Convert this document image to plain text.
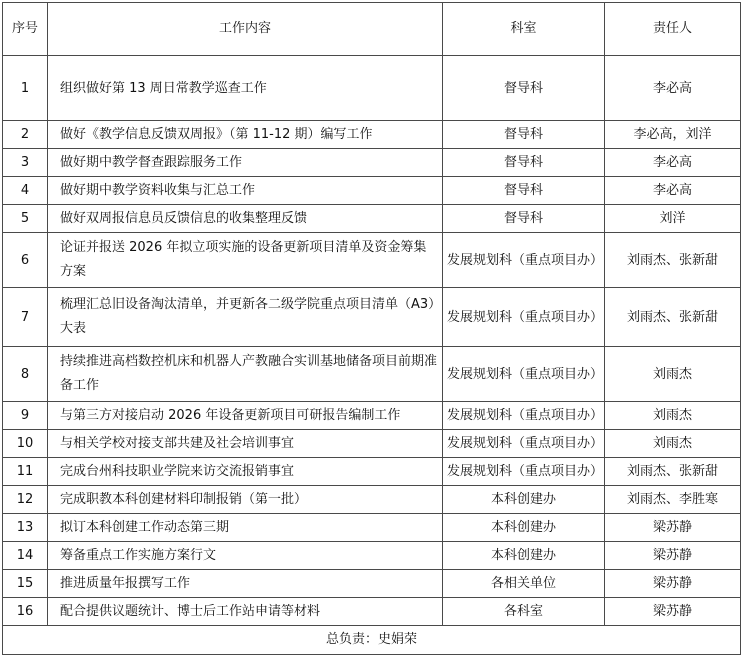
序号	工作内容	科室	责任人
1	组织做好第 13 周日常教学巡查工作	督导科	李必高
2	做好《教学信息反馈双周报》（第 11-12 期）编写工作	督导科	李必高，刘洋
3	做好期中教学督查跟踪服务工作	督导科	李必高
4	做好期中教学资料收集与汇总工作	督导科	李必高
5	做好双周报信息员反馈信息的收集整理反馈	督导科	刘洋
6	论证并报送 2026 年拟立项实施的设备更新项目清单及资金筹集方案	发展规划科（重点项目办）	刘雨杰、张新甜
7	梳理汇总旧设备淘汰清单，并更新各二级学院重点项目清单（A3）大表	发展规划科（重点项目办）	刘雨杰、张新甜
8	持续推进高档数控机床和机器人产教融合实训基地储备项目前期准备工作	发展规划科（重点项目办）	刘雨杰
9	与第三方对接启动 2026 年设备更新项目可研报告编制工作	发展规划科（重点项目办）	刘雨杰
10	与相关学校对接支部共建及社会培训事宜	发展规划科（重点项目办）	刘雨杰
11	完成台州科技职业学院来访交流报销事宜	发展规划科（重点项目办）	刘雨杰、张新甜
12	完成职教本科创建材料印制报销（第一批）	本科创建办	刘雨杰、李胜寒
13	拟订本科创建工作动态第三期	本科创建办	梁苏静
14	筹备重点工作实施方案行文	本科创建办	梁苏静
15	推进质量年报撰写工作	各相关单位	梁苏静
16	配合提供议题统计、博士后工作站申请等材料	各科室	梁苏静
总负责：史娟荣			
